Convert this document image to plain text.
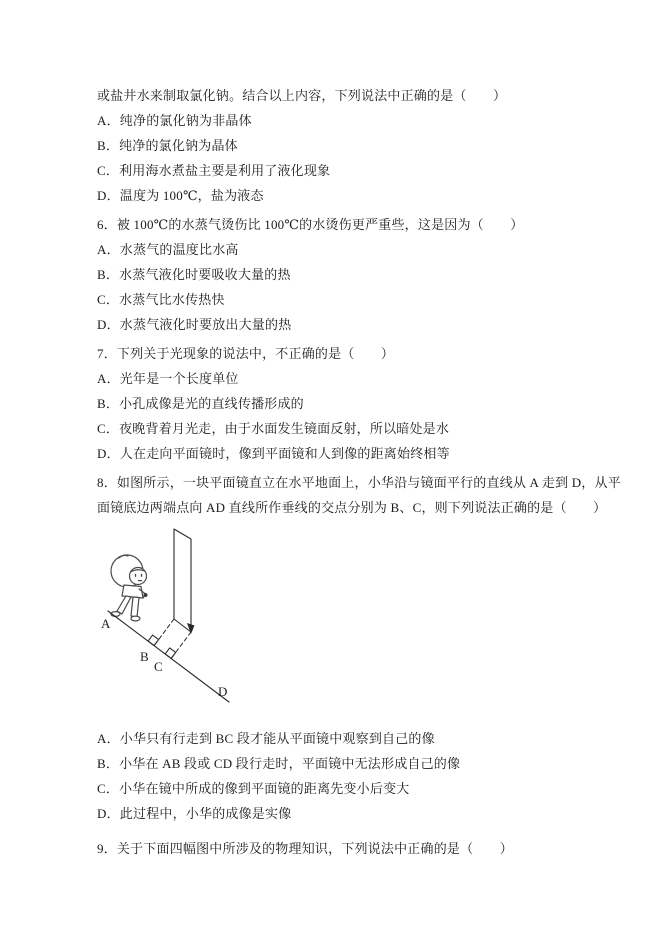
或盐井水来制取氯化钠。结合以上内容，下列说法中正确的是（　　）
A．纯净的氯化钠为非晶体
B．纯净的氯化钠为晶体
C．利用海水煮盐主要是利用了液化现象
D．温度为 100℃，盐为液态
6．被 100℃的水蒸气烫伤比 100℃的水烫伤更严重些，这是因为（　　）
A．水蒸气的温度比水高
B．水蒸气液化时要吸收大量的热
C．水蒸气比水传热快
D．水蒸气液化时要放出大量的热
7．下列关于光现象的说法中，不正确的是（　　）
A．光年是一个长度单位
B．小孔成像是光的直线传播形成的
C．夜晚背着月光走，由于水面发生镜面反射，所以暗处是水
D．人在走向平面镜时，像到平面镜和人到像的距离始终相等
8．如图所示，一块平面镜直立在水平地面上，小华沿与镜面平行的直线从 A 走到 D，从平
面镜底边两端点向 AD 直线所作垂线的交点分别为 B、C，则下列说法正确的是（　　）
A
B
C
D
A．小华只有行走到 BC 段才能从平面镜中观察到自己的像
B．小华在 AB 段或 CD 段行走时，平面镜中无法形成自己的像
C．小华在镜中所成的像到平面镜的距离先变小后变大
D．此过程中，小华的成像是实像
9．关于下面四幅图中所涉及的物理知识，下列说法中正确的是（　　）
